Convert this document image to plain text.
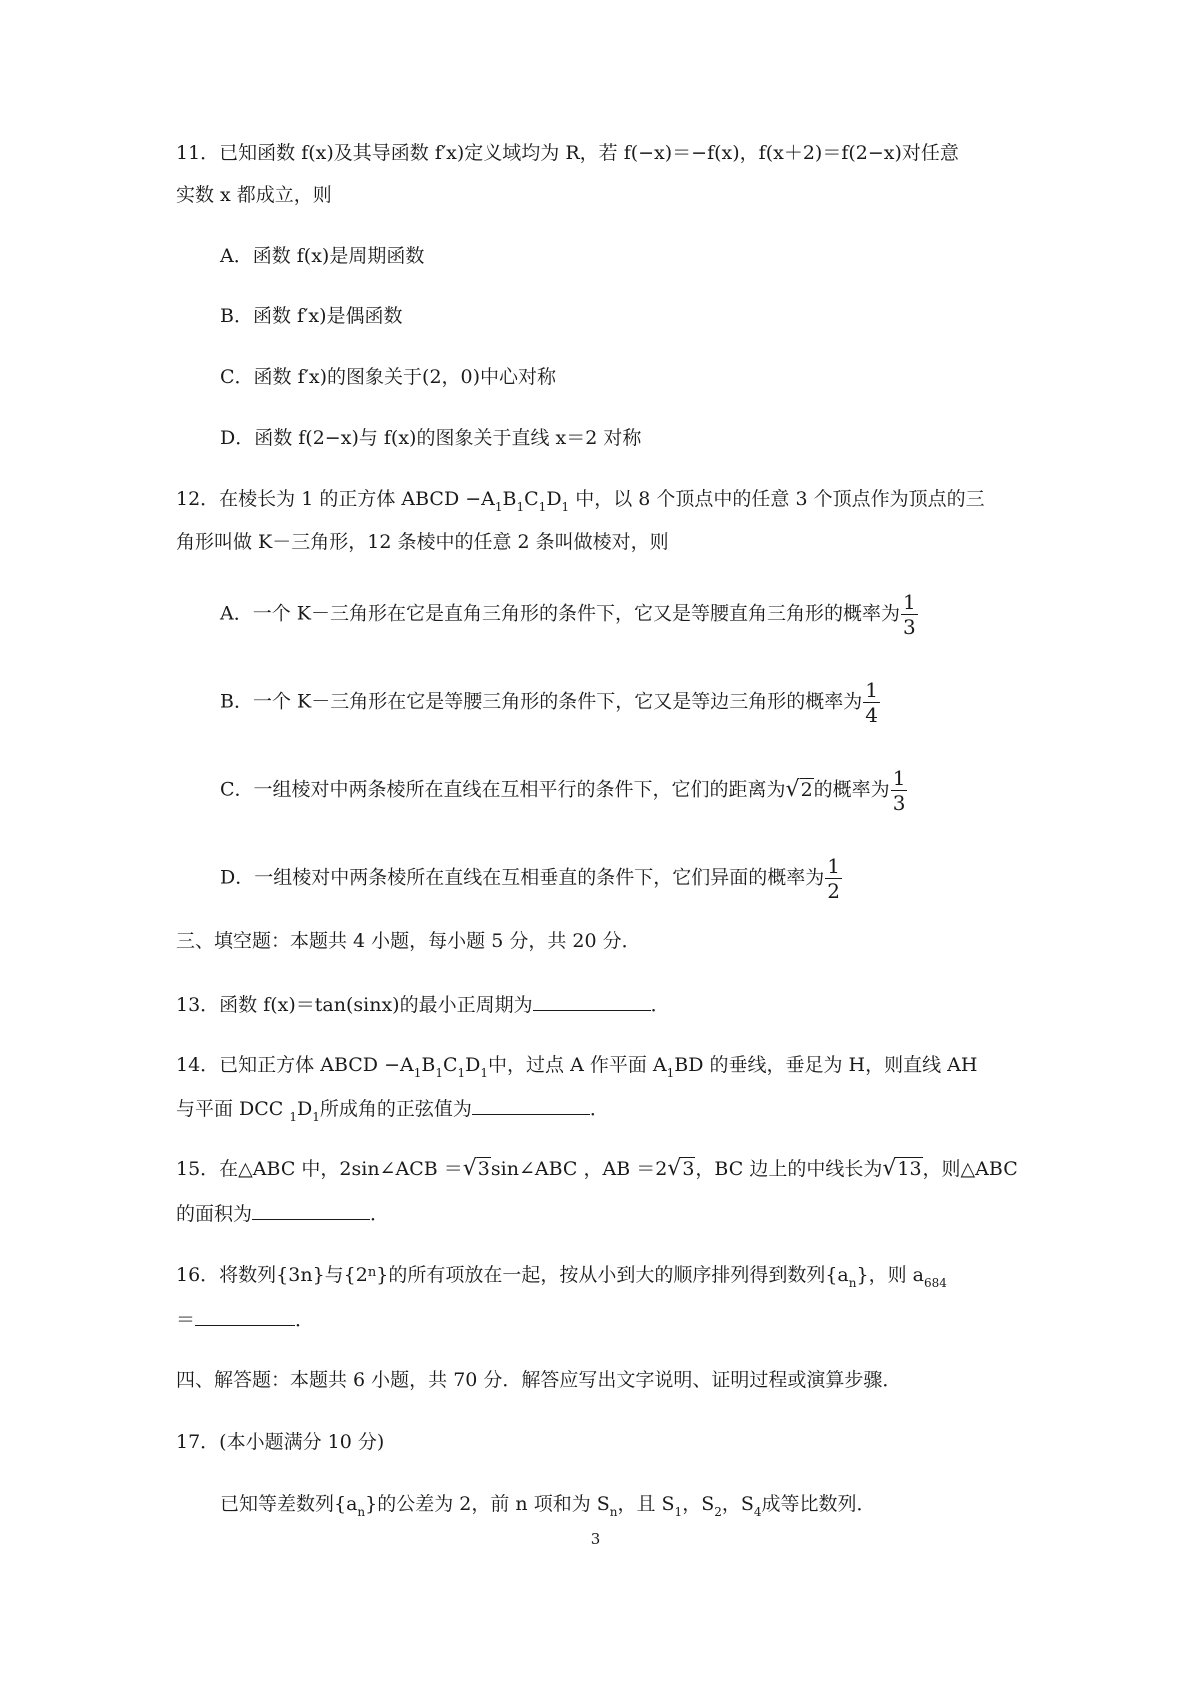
11．已知函数 f(x)及其导函数 f′x)定义域均为 R，若 f(−x)＝−f(x)，f(x＋2)＝f(2−x)对任意
实数 x 都成立，则
A．函数 f(x)是周期函数
B．函数 f′x)是偶函数
C．函数 f′x)的图象关于(2，0)中心对称
D．函数 f(2−x)与 f(x)的图象关于直线 x＝2 对称
12．在棱长为 1 的正方体 ABCD $-A_1B_1C_1D_1$ 中，以 8 个顶点中的任意 3 个顶点作为顶点的三
角形叫做 K－三角形，12 条棱中的任意 2 条叫做棱对，则
A．一个 K－三角形在它是直角三角形的条件下，它又是等腰直角三角形的概率为 $\frac{1}{3}$
B．一个 K－三角形在它是等腰三角形的条件下，它又是等边三角形的概率为 $\frac{1}{4}$
C．一组棱对中两条棱所在直线在互相平行的条件下，它们的距离为√2的概率为 $\frac{1}{3}$
D．一组棱对中两条棱所在直线在互相垂直的条件下，它们异面的概率为 $\frac{1}{2}$
三、填空题：本题共 4 小题，每小题 5 分，共 20 分．
13．函数 f(x)＝tan(sinx)的最小正周期为	．
14．已知正方体 ABCD $-A_1B_1C_1D_1$中，过点 A 作平面 $A_1BD$ 的垂线，垂足为 H，则直线 AH
与平面 DCC $_1D_1$所成角的正弦值为	．
15．在△ABC 中，2sin∠ACB ＝√3sin∠ABC ，AB ＝2√3，BC 边上的中线长为√13，则△ABC
的面积为	．
16．将数列{3n}与{2$^n$}的所有项放在一起，按从小到大的顺序排列得到数列$\{a_n\}$，则 $a_{684}$
＝	．
四、解答题：本题共 6 小题，共 70 分．解答应写出文字说明、证明过程或演算步骤．
17．(本小题满分 10 分)
已知等差数列$\{a_n\}$的公差为 2，前 n 项和为 $S_n$，且 $S_1$，$S_2$，$S_4$成等比数列．
3
